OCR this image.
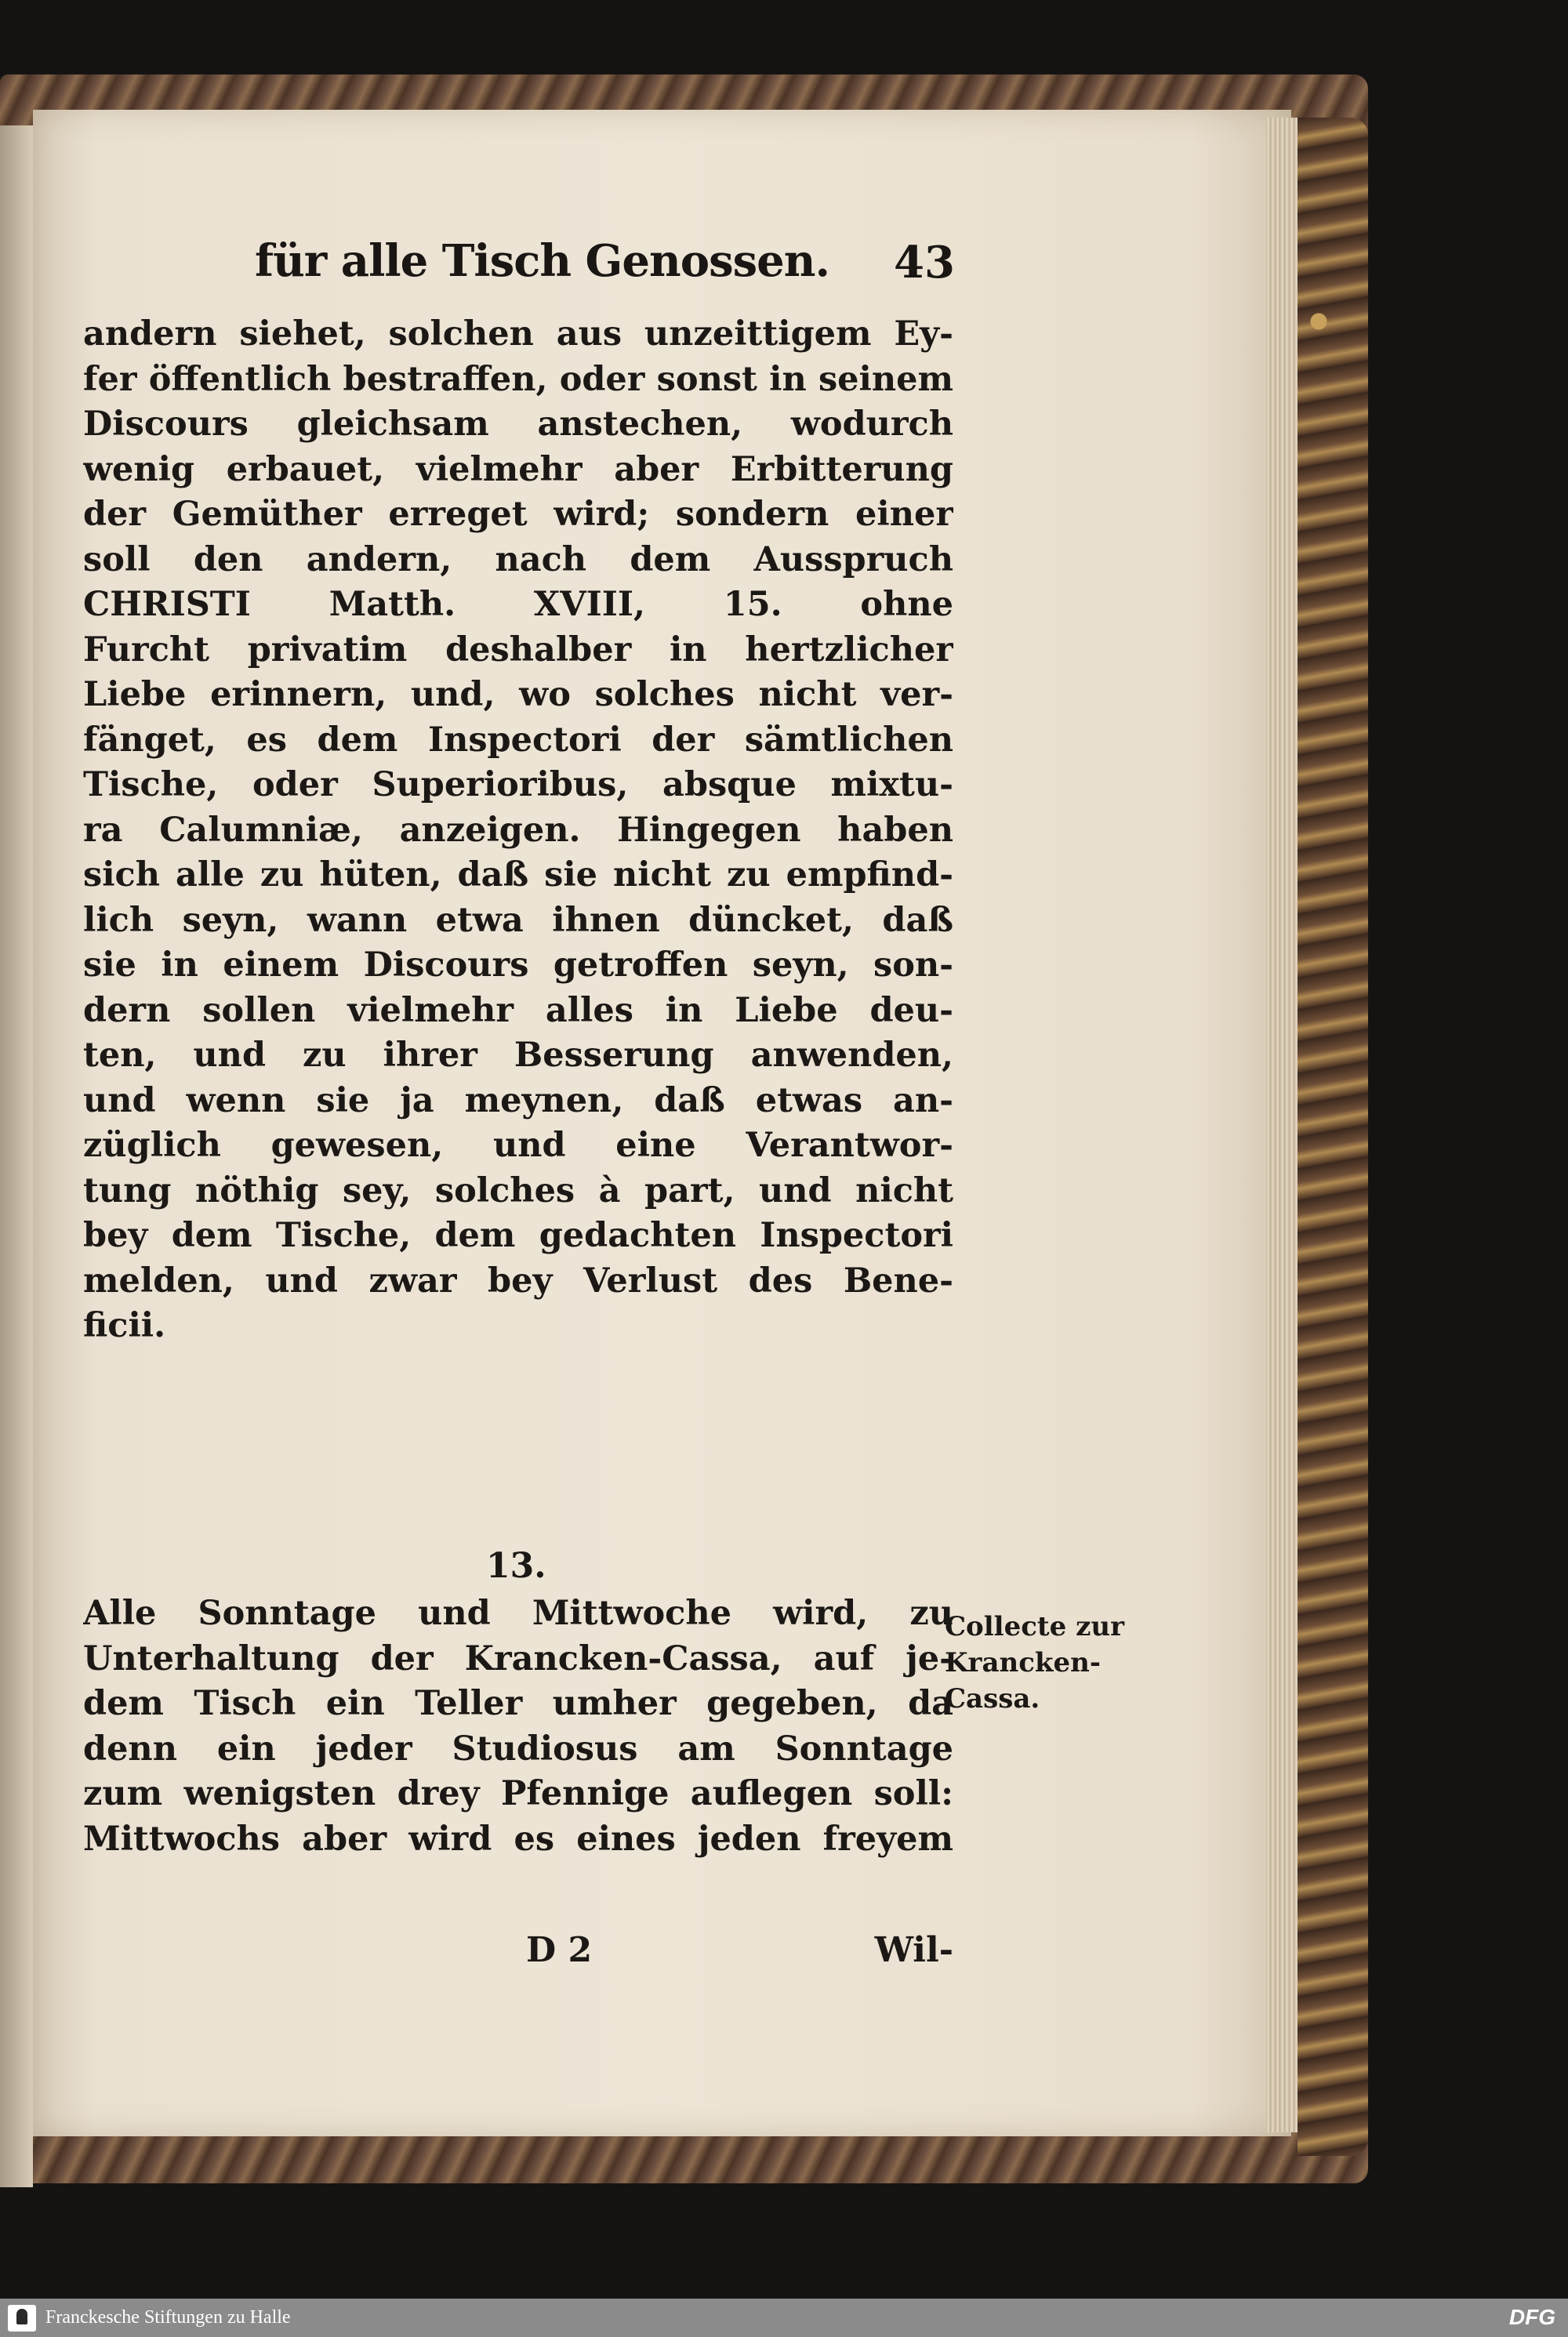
für alle Tisch Genossen. 43
andern siehet, solchen aus unzeittigem Ey-
fer öffentlich bestraffen, oder sonst in seinem
Discours gleichsam anstechen, wodurch
wenig erbauet, vielmehr aber Erbitterung
der Gemüther erreget wird; sondern einer
soll den andern, nach dem Ausspruch
CHRISTI Matth. XVIII, 15. ohne
Furcht privatim deshalber in hertzlicher
Liebe erinnern, und, wo solches nicht ver-
fänget, es dem Inspectori der sämtlichen
Tische, oder Superioribus, absque mixtu-
ra Calumniæ, anzeigen. Hingegen haben
sich alle zu hüten, daß sie nicht zu empfind-
lich seyn, wann etwa ihnen düncket, daß
sie in einem Discours getroffen seyn, son-
dern sollen vielmehr alles in Liebe deu-
ten, und zu ihrer Besserung anwenden,
und wenn sie ja meynen, daß etwas an-
züglich gewesen, und eine Verantwor-
tung nöthig sey, solches à part, und nicht
bey dem Tische, dem gedachten Inspectori
melden, und zwar bey Verlust des Bene-
ficii.
13.
Alle Sonntage und Mittwoche wird, zu
Unterhaltung der Krancken-Cassa, auf je-
dem Tisch ein Teller umher gegeben, da
denn ein jeder Studiosus am Sonntage
zum wenigsten drey Pfennige auflegen soll:
Mittwochs aber wird es eines jeden freyem
Collecte zur
Krancken-
Cassa.
D 2	Wil-
Franckesche Stiftungen zu Halle	DFG
